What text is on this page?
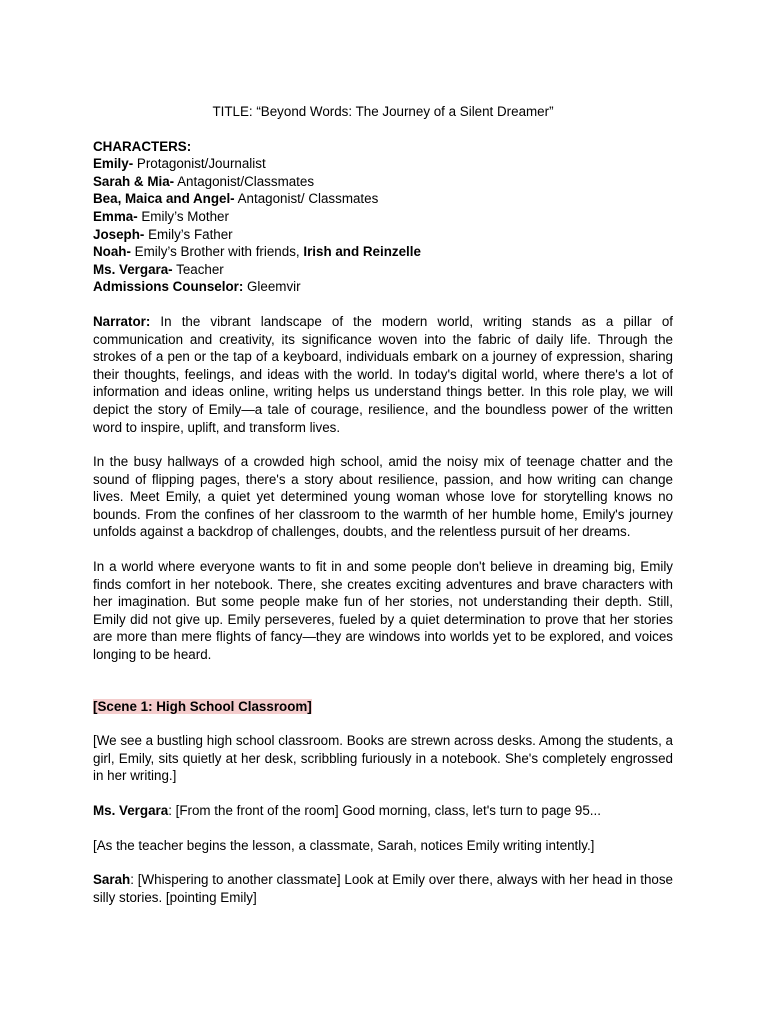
TITLE: “Beyond Words: The Journey of a Silent Dreamer”

CHARACTERS:
Emily- Protagonist/Journalist
Sarah & Mia- Antagonist/Classmates
Bea, Maica and Angel- Antagonist/ Classmates
Emma- Emily’s Mother
Joseph- Emily’s Father
Noah- Emily’s Brother with friends, Irish and Reinzelle
Ms. Vergara- Teacher
Admissions Counselor: Gleemvir

Narrator: In the vibrant landscape of the modern world, writing stands as a pillar of communication and creativity, its significance woven into the fabric of daily life. Through the strokes of a pen or the tap of a keyboard, individuals embark on a journey of expression, sharing their thoughts, feelings, and ideas with the world. In today's digital world, where there's a lot of information and ideas online, writing helps us understand things better. In this role play, we will depict the story of Emily—a tale of courage, resilience, and the boundless power of the written word to inspire, uplift, and transform lives.

In the busy hallways of a crowded high school, amid the noisy mix of teenage chatter and the sound of flipping pages, there's a story about resilience, passion, and how writing can change lives. Meet Emily, a quiet yet determined young woman whose love for storytelling knows no bounds. From the confines of her classroom to the warmth of her humble home, Emily's journey unfolds against a backdrop of challenges, doubts, and the relentless pursuit of her dreams.

In a world where everyone wants to fit in and some people don't believe in dreaming big, Emily finds comfort in her notebook. There, she creates exciting adventures and brave characters with her imagination. But some people make fun of her stories, not understanding their depth. Still, Emily did not give up. Emily perseveres, fueled by a quiet determination to prove that her stories are more than mere flights of fancy—they are windows into worlds yet to be explored, and voices longing to be heard.

[Scene 1: High School Classroom]

[We see a bustling high school classroom. Books are strewn across desks. Among the students, a girl, Emily, sits quietly at her desk, scribbling furiously in a notebook. She's completely engrossed in her writing.]

Ms. Vergara: [From the front of the room] Good morning, class, let's turn to page 95...

[As the teacher begins the lesson, a classmate, Sarah, notices Emily writing intently.]

Sarah: [Whispering to another classmate] Look at Emily over there, always with her head in those silly stories. [pointing Emily]
